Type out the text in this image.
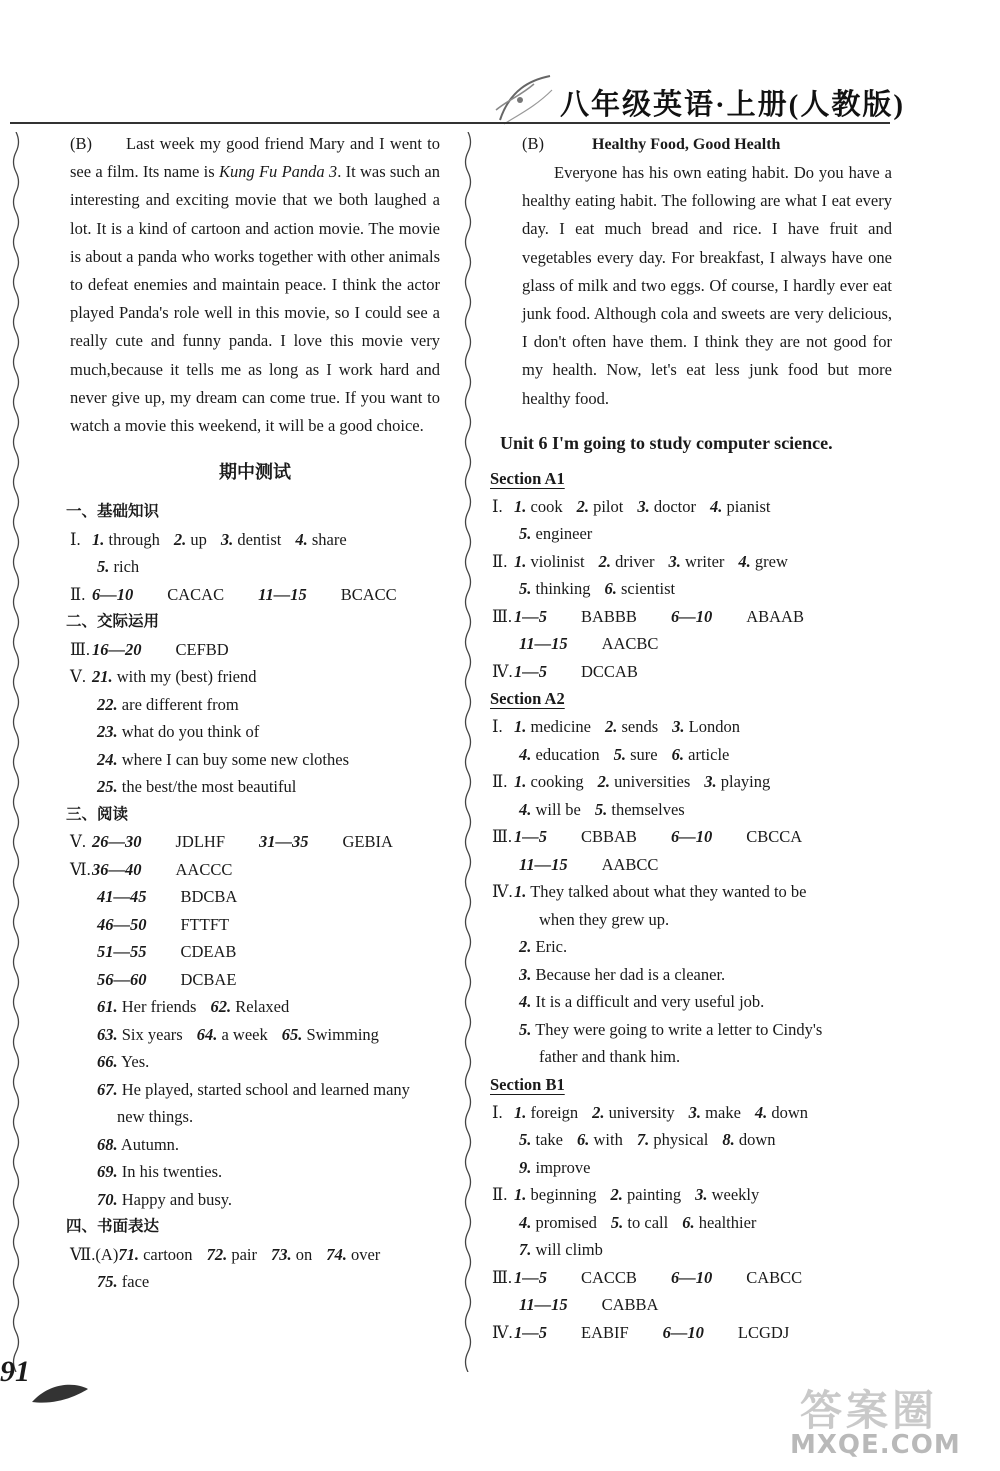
八年级英语·上册(人教版)

(B) Last week my good friend Mary and I went to see a film. Its name is Kung Fu Panda 3. It was such an interesting and exciting movie that we both laughed a lot. It is a kind of cartoon and action movie. The movie is about a panda who works together with other animals to defeat enemies and maintain peace. I think the actor played Panda's role well in this movie, so I could see a really cute and funny panda. I love this movie very much,because it tells me as long as I work hard and never give up, my dream can come true. If you want to watch a movie this weekend, it will be a good choice.

期中测试
一、基础知识
Ⅰ. 1. through 2. up 3. dentist 4. share
5. rich
Ⅱ. 6—10 CACAC 11—15 BCACC
二、交际运用
Ⅲ. 16—20 CEFBD
Ⅴ. 21. with my (best) friend
22. are different from
23. what do you think of
24. where I can buy some new clothes
25. the best/the most beautiful
三、阅读
Ⅴ. 26—30 JDLHF 31—35 GEBIA
Ⅵ.36—40 AACCC
41—45 BDCBA
46—50 FTTFT
51—55 CDEAB
56—60 DCBAE
61. Her friends 62. Relaxed
63. Six years 64. a week 65. Swimming
66. Yes.
67. He played, started school and learned many
new things.
68. Autumn.
69. In his twenties.
70. Happy and busy.
四、书面表达
Ⅶ.(A)71. cartoon 72. pair 73. on 74. over
75. face
(B)	Healthy Food, Good Health

Everyone has his own eating habit. Do you have a healthy eating habit. The following are what I eat every day. I eat much bread and rice. I have fruit and vegetables every day. For breakfast, I always have one glass of milk and two eggs. Of course, I hardly ever eat junk food. Although cola and sweets are very delicious, I don't often have them. I think they are not good for my health. Now, let's eat less junk food but more healthy food.

Unit 6 I'm going to study computer science.
Section A1
Ⅰ. 1. cook 2. pilot 3. doctor 4. pianist
5. engineer
Ⅱ. 1. violinist 2. driver 3. writer 4. grew
5. thinking 6. scientist
Ⅲ. 1—5 BABBB 6—10 ABAAB
11—15 AACBC
Ⅳ.1—5 DCCAB
Section A2
Ⅰ. 1. medicine 2. sends 3. London
4. education 5. sure 6. article
Ⅱ. 1. cooking 2. universities 3. playing
4. will be 5. themselves
Ⅲ. 1—5 CBBAB 6—10 CBCCA
11—15 AABCC
Ⅳ.1. They talked about what they wanted to be
when they grew up.
2. Eric.
3. Because her dad is a cleaner.
4. It is a difficult and very useful job.
5. They were going to write a letter to Cindy's
father and thank him.
Section B1
Ⅰ. 1. foreign 2. university 3. make 4. down
5. take 6. with 7. physical 8. down
9. improve
Ⅱ. 1. beginning 2. painting 3. weekly
4. promised 5. to call 6. healthier
7. will climb
Ⅲ. 1—5 CACCB 6—10 CABCC
11—15 CABBA
Ⅳ.1—5 EABIF 6—10 LCGDJ
91
答案圈
MXQE.COM
